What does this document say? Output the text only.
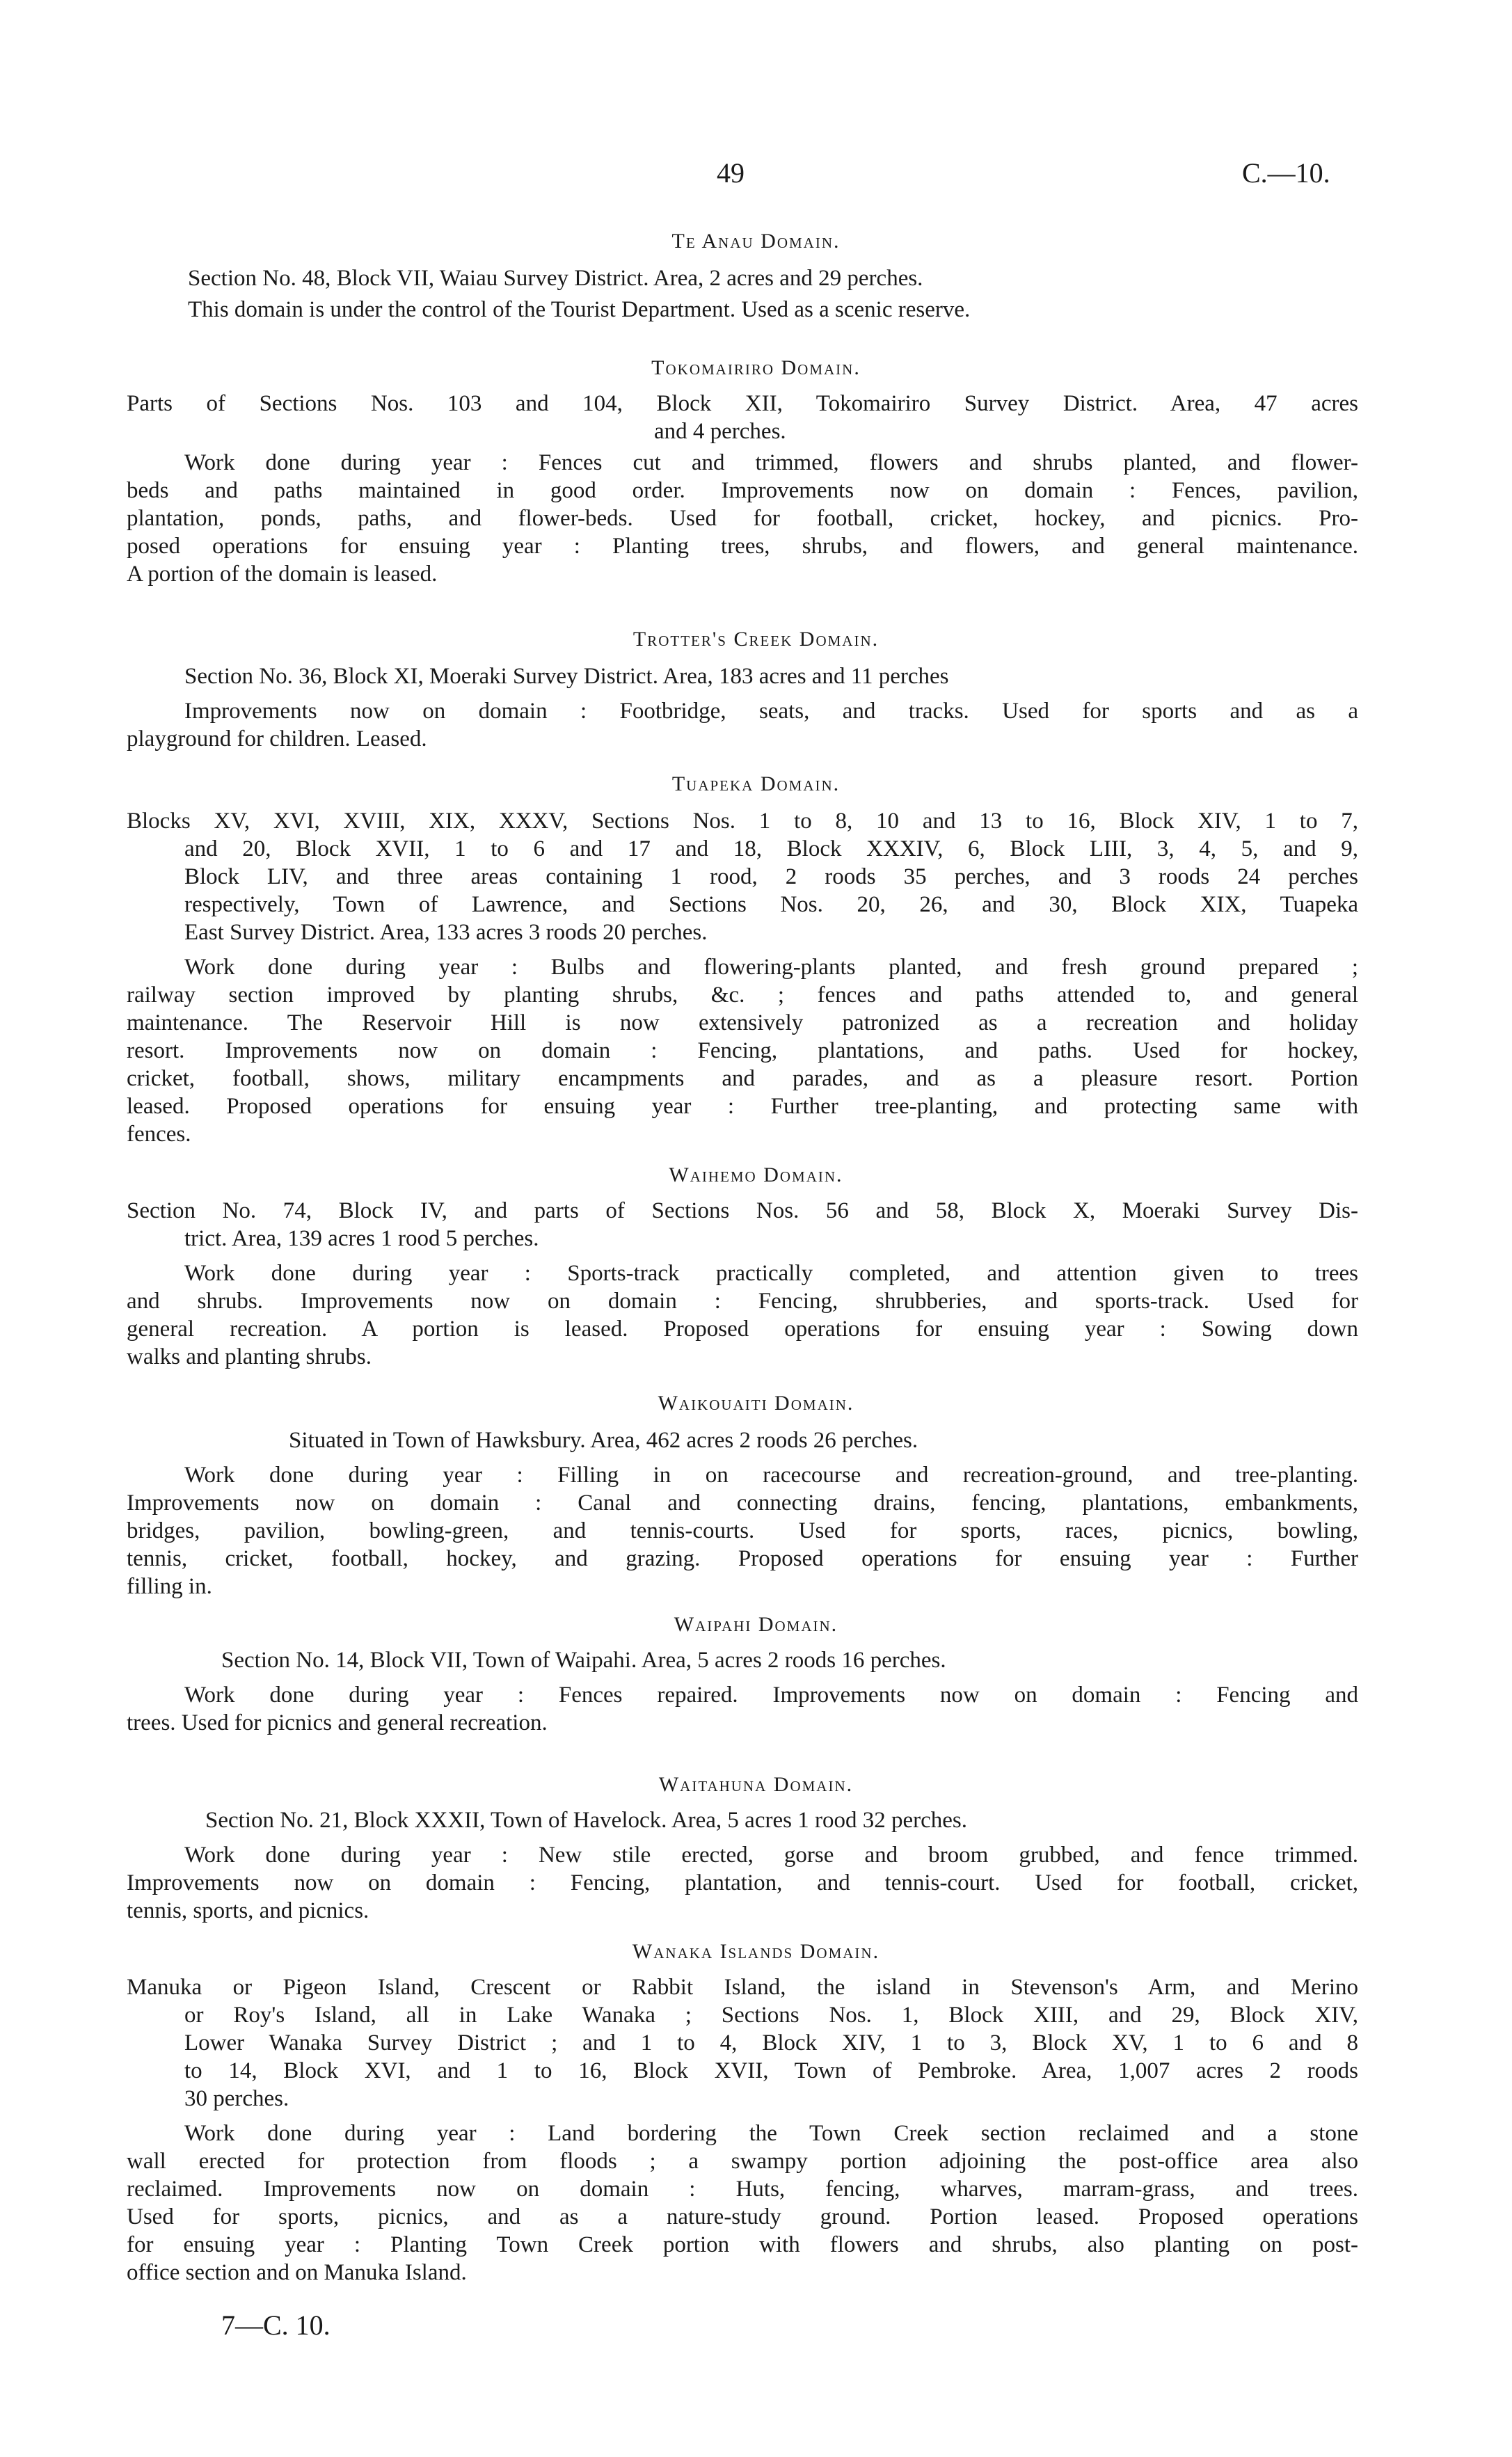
49	C.—10.
Te Anau Domain.
Section No. 48, Block VII, Waiau Survey District. Area, 2 acres and 29 perches.
This domain is under the control of the Tourist Department. Used as a scenic reserve.
Tokomairiro Domain.
Parts of Sections Nos. 103 and 104, Block XII, Tokomairiro Survey District. Area, 47 acres
and 4 perches.
Work done during year : Fences cut and trimmed, flowers and shrubs planted, and flower-
beds and paths maintained in good order. Improvements now on domain : Fences, pavilion,
plantation, ponds, paths, and flower-beds. Used for football, cricket, hockey, and picnics. Pro-
posed operations for ensuing year : Planting trees, shrubs, and flowers, and general maintenance.
A portion of the domain is leased.
Trotter's Creek Domain.
Section No. 36, Block XI, Moeraki Survey District. Area, 183 acres and 11 perches
Improvements now on domain : Footbridge, seats, and tracks. Used for sports and as a
playground for children. Leased.
Tuapeka Domain.
Blocks XV, XVI, XVIII, XIX, XXXV, Sections Nos. 1 to 8, 10 and 13 to 16, Block XIV, 1 to 7,
and 20, Block XVII, 1 to 6 and 17 and 18, Block XXXIV, 6, Block LIII, 3, 4, 5, and 9,
Block LIV, and three areas containing 1 rood, 2 roods 35 perches, and 3 roods 24 perches
respectively, Town of Lawrence, and Sections Nos. 20, 26, and 30, Block XIX, Tuapeka
East Survey District. Area, 133 acres 3 roods 20 perches.
Work done during year : Bulbs and flowering-plants planted, and fresh ground prepared ;
railway section improved by planting shrubs, &c. ; fences and paths attended to, and general
maintenance. The Reservoir Hill is now extensively patronized as a recreation and holiday
resort. Improvements now on domain : Fencing, plantations, and paths. Used for hockey,
cricket, football, shows, military encampments and parades, and as a pleasure resort. Portion
leased. Proposed operations for ensuing year : Further tree-planting, and protecting same with
fences.
Waihemo Domain.
Section No. 74, Block IV, and parts of Sections Nos. 56 and 58, Block X, Moeraki Survey Dis-
trict. Area, 139 acres 1 rood 5 perches.
Work done during year : Sports-track practically completed, and attention given to trees
and shrubs. Improvements now on domain : Fencing, shrubberies, and sports-track. Used for
general recreation. A portion is leased. Proposed operations for ensuing year : Sowing down
walks and planting shrubs.
Waikouaiti Domain.
Situated in Town of Hawksbury. Area, 462 acres 2 roods 26 perches.
Work done during year : Filling in on racecourse and recreation-ground, and tree-planting.
Improvements now on domain : Canal and connecting drains, fencing, plantations, embankments,
bridges, pavilion, bowling-green, and tennis-courts. Used for sports, races, picnics, bowling,
tennis, cricket, football, hockey, and grazing. Proposed operations for ensuing year : Further
filling in.
Waipahi Domain.
Section No. 14, Block VII, Town of Waipahi. Area, 5 acres 2 roods 16 perches.
Work done during year : Fences repaired. Improvements now on domain : Fencing and
trees. Used for picnics and general recreation.
Waitahuna Domain.
Section No. 21, Block XXXII, Town of Havelock. Area, 5 acres 1 rood 32 perches.
Work done during year : New stile erected, gorse and broom grubbed, and fence trimmed.
Improvements now on domain : Fencing, plantation, and tennis-court. Used for football, cricket,
tennis, sports, and picnics.
Wanaka Islands Domain.
Manuka or Pigeon Island, Crescent or Rabbit Island, the island in Stevenson's Arm, and Merino
or Roy's Island, all in Lake Wanaka ; Sections Nos. 1, Block XIII, and 29, Block XIV,
Lower Wanaka Survey District ; and 1 to 4, Block XIV, 1 to 3, Block XV, 1 to 6 and 8
to 14, Block XVI, and 1 to 16, Block XVII, Town of Pembroke. Area, 1,007 acres 2 roods
30 perches.
Work done during year : Land bordering the Town Creek section reclaimed and a stone
wall erected for protection from floods ; a swampy portion adjoining the post-office area also
reclaimed. Improvements now on domain : Huts, fencing, wharves, marram-grass, and trees.
Used for sports, picnics, and as a nature-study ground. Portion leased. Proposed operations
for ensuing year : Planting Town Creek portion with flowers and shrubs, also planting on post-
office section and on Manuka Island.
7—C. 10.
